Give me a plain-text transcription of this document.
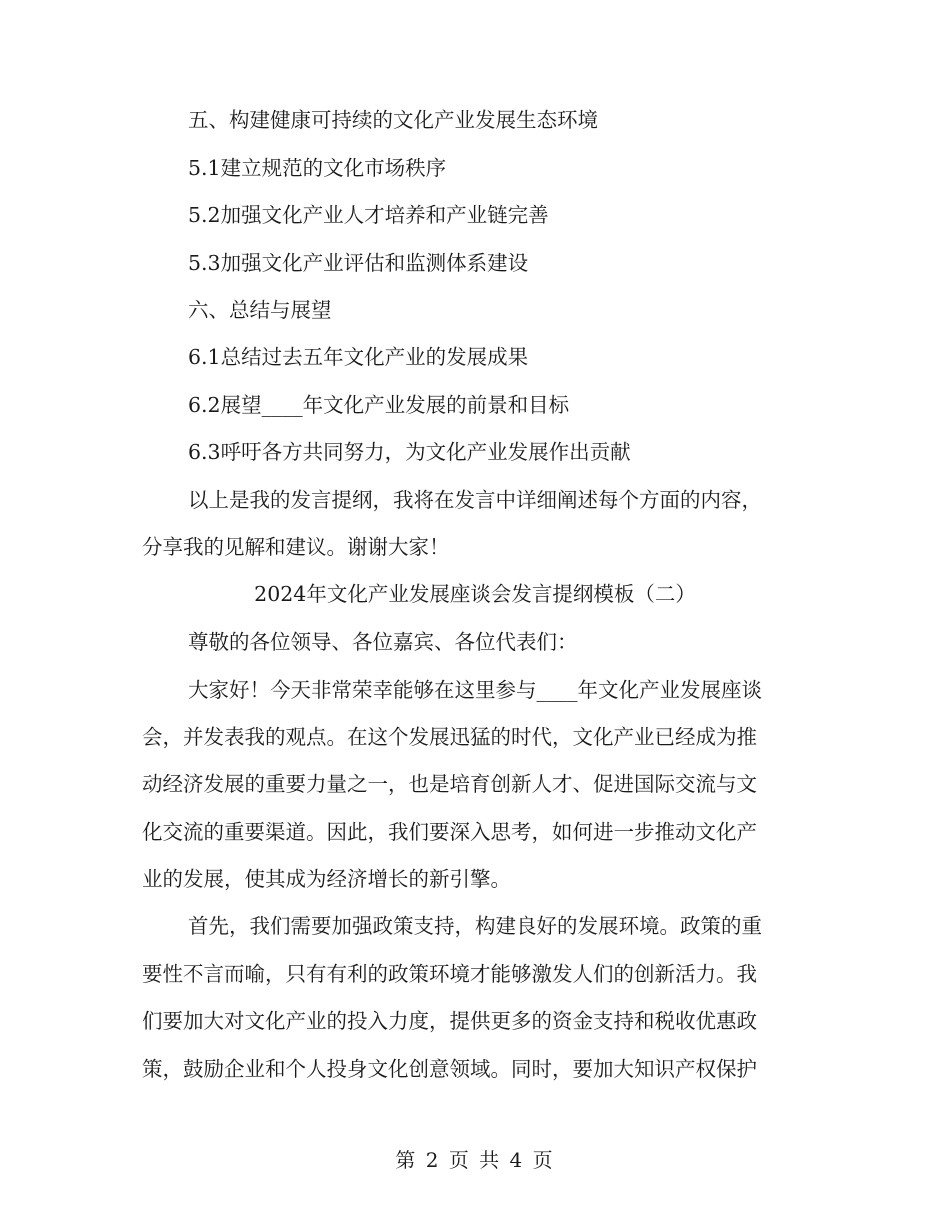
五、构建健康可持续的文化产业发展生态环境
5.1建立规范的文化市场秩序
5.2加强文化产业人才培养和产业链完善
5.3加强文化产业评估和监测体系建设
六、总结与展望
6.1总结过去五年文化产业的发展成果
6.2展望____年文化产业发展的前景和目标
6.3呼吁各方共同努力，为文化产业发展作出贡献
以上是我的发言提纲，我将在发言中详细阐述每个方面的内容，
分享我的见解和建议。谢谢大家！
2024年文化产业发展座谈会发言提纲模板（二）
尊敬的各位领导、各位嘉宾、各位代表们：
大家好！今天非常荣幸能够在这里参与____年文化产业发展座谈
会，并发表我的观点。在这个发展迅猛的时代，文化产业已经成为推
动经济发展的重要力量之一，也是培育创新人才、促进国际交流与文
化交流的重要渠道。因此，我们要深入思考，如何进一步推动文化产
业的发展，使其成为经济增长的新引擎。
首先，我们需要加强政策支持，构建良好的发展环境。政策的重
要性不言而喻，只有有利的政策环境才能够激发人们的创新活力。我
们要加大对文化产业的投入力度，提供更多的资金支持和税收优惠政
策，鼓励企业和个人投身文化创意领域。同时，要加大知识产权保护
第 2 页 共 4 页
